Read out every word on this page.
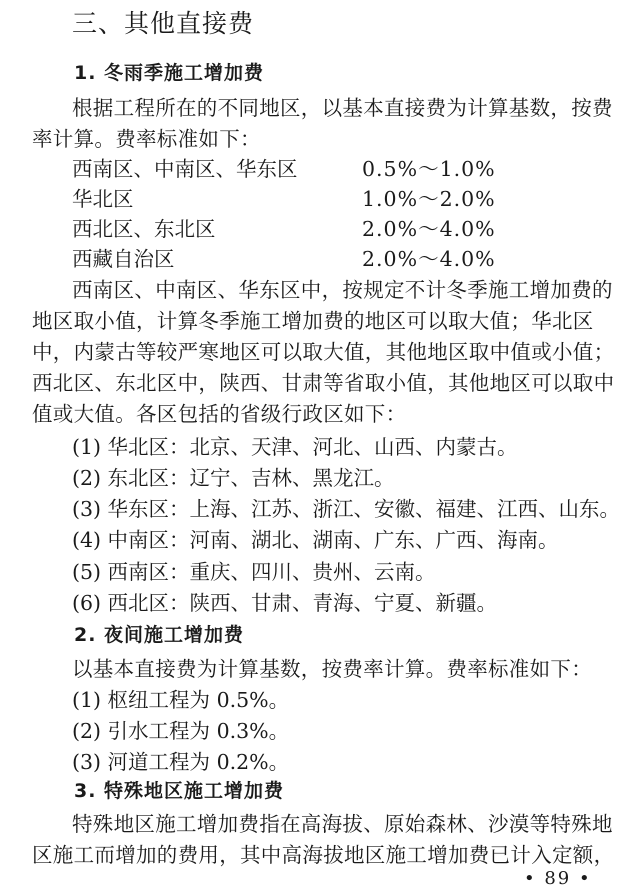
三、其他直接费
1. 冬雨季施工增加费
根据工程所在的不同地区，以基本直接费为计算基数，按费
率计算。费率标准如下：
西南区、中南区、华东区	0.5%～1.0%
华北区	1.0%～2.0%
西北区、东北区	2.0%～4.0%
西藏自治区	2.0%～4.0%
西南区、中南区、华东区中，按规定不计冬季施工增加费的
地区取小值，计算冬季施工增加费的地区可以取大值；华北区
中，内蒙古等较严寒地区可以取大值，其他地区取中值或小值；
西北区、东北区中，陕西、甘肃等省取小值，其他地区可以取中
值或大值。各区包括的省级行政区如下：
(1) 华北区：北京、天津、河北、山西、内蒙古。
(2) 东北区：辽宁、吉林、黑龙江。
(3) 华东区：上海、江苏、浙江、安徽、福建、江西、山东。
(4) 中南区：河南、湖北、湖南、广东、广西、海南。
(5) 西南区：重庆、四川、贵州、云南。
(6) 西北区：陕西、甘肃、青海、宁夏、新疆。
2. 夜间施工增加费
以基本直接费为计算基数，按费率计算。费率标准如下：
(1) 枢纽工程为 0.5%。
(2) 引水工程为 0.3%。
(3) 河道工程为 0.2%。
3. 特殊地区施工增加费
特殊地区施工增加费指在高海拔、原始森林、沙漠等特殊地
区施工而增加的费用，其中高海拔地区施工增加费已计入定额，
• 89 •
